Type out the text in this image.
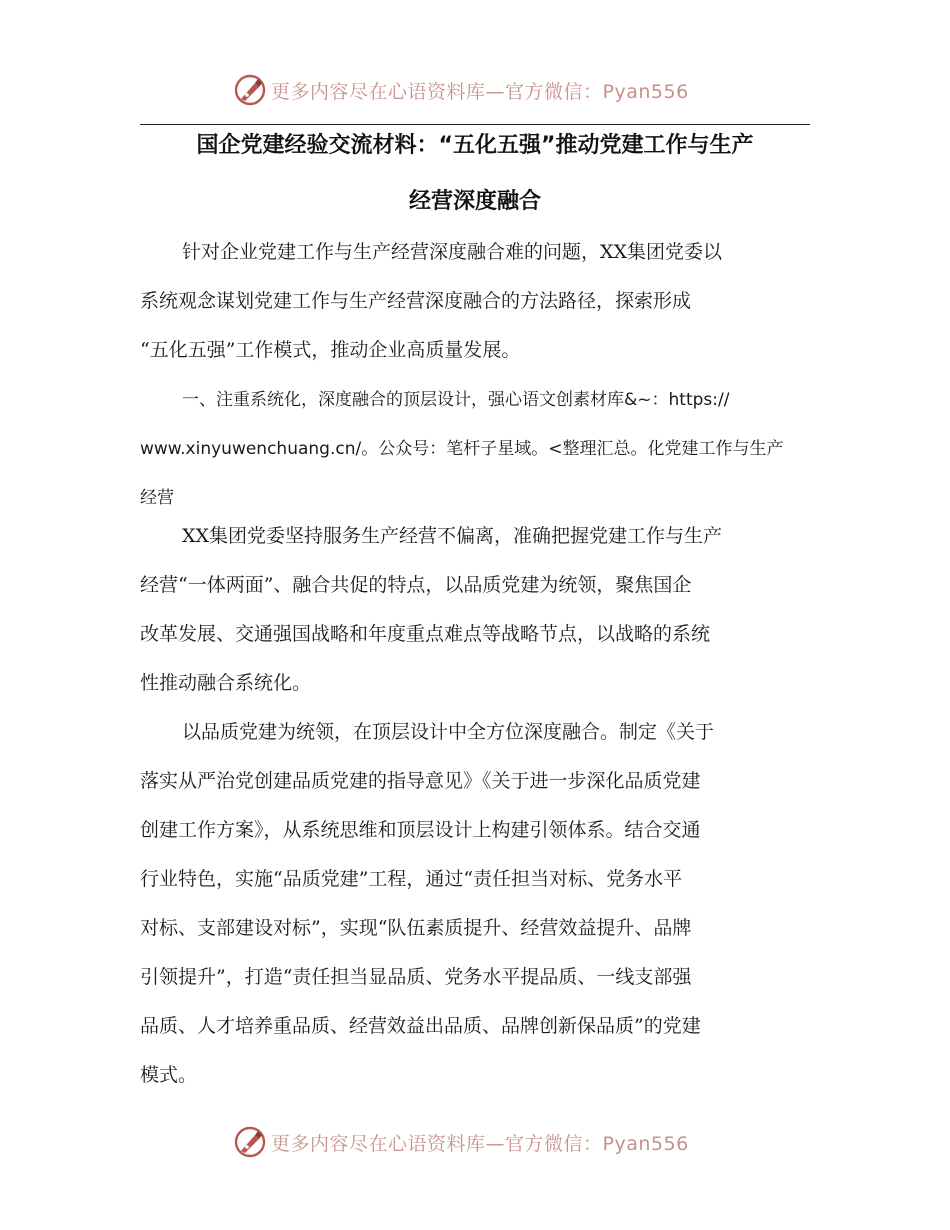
更多内容尽在心语资料库—官方微信：Pyan556
国企党建经验交流材料：“五化五强”推动党建工作与生产
经营深度融合
针对企业党建工作与生产经营深度融合难的问题，XX集团党委以
系统观念谋划党建工作与生产经营深度融合的方法路径，探索形成
“五化五强”工作模式，推动企业高质量发展。
一、注重系统化，深度融合的顶层设计，强心语文创素材库&~：https://
www.xinyuwenchuang.cn/。公众号：笔杆子星域。<整理汇总。化党建工作与生产
经营
XX集团党委坚持服务生产经营不偏离，准确把握党建工作与生产
经营“一体两面”、融合共促的特点，以品质党建为统领，聚焦国企
改革发展、交通强国战略和年度重点难点等战略节点，以战略的系统
性推动融合系统化。
以品质党建为统领，在顶层设计中全方位深度融合。制定《关于
落实从严治党创建品质党建的指导意见》《关于进一步深化品质党建
创建工作方案》，从系统思维和顶层设计上构建引领体系。结合交通
行业特色，实施“品质党建”工程，通过“责任担当对标、党务水平
对标、支部建设对标”，实现“队伍素质提升、经营效益提升、品牌
引领提升”，打造“责任担当显品质、党务水平提品质、一线支部强
品质、人才培养重品质、经营效益出品质、品牌创新保品质”的党建
模式。
更多内容尽在心语资料库—官方微信：Pyan556
